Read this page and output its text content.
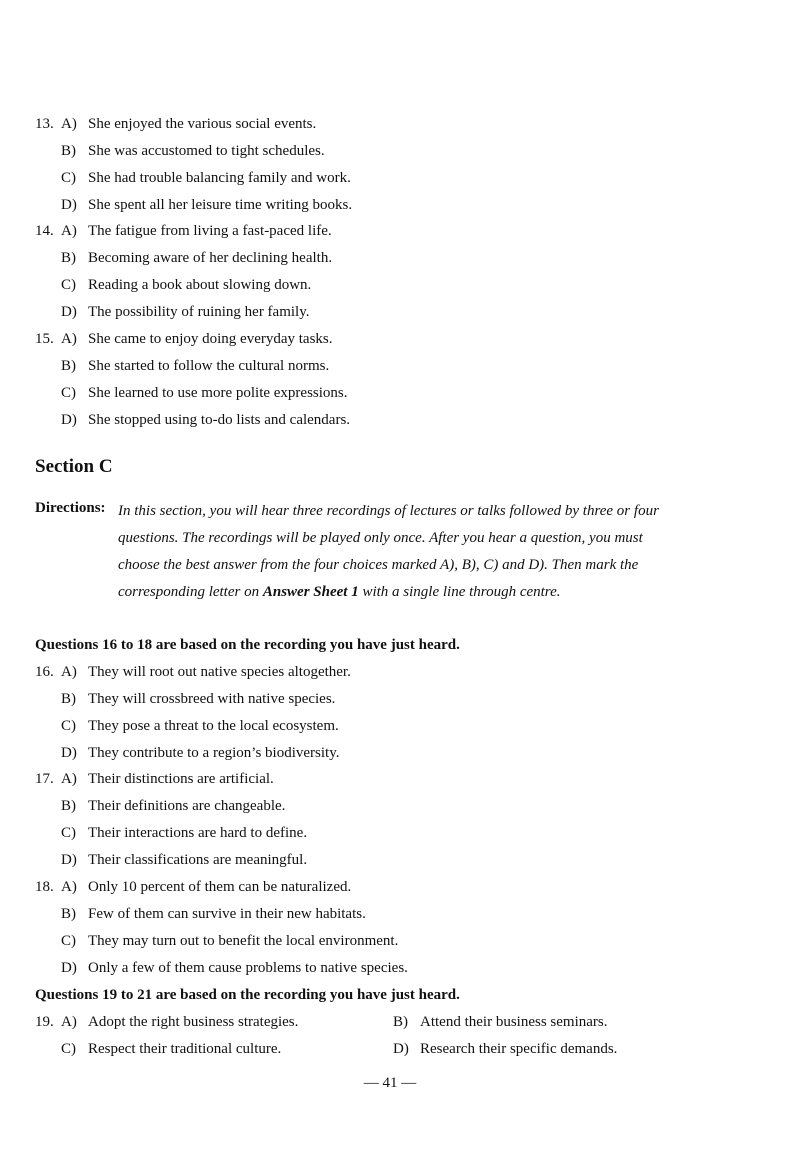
13. A) She enjoyed the various social events.
B) She was accustomed to tight schedules.
C) She had trouble balancing family and work.
D) She spent all her leisure time writing books.
14. A) The fatigue from living a fast-paced life.
B) Becoming aware of her declining health.
C) Reading a book about slowing down.
D) The possibility of ruining her family.
15. A) She came to enjoy doing everyday tasks.
B) She started to follow the cultural norms.
C) She learned to use more polite expressions.
D) She stopped using to-do lists and calendars.
Section C
Directions: In this section, you will hear three recordings of lectures or talks followed by three or four
questions. The recordings will be played only once. After you hear a question, you must
choose the best answer from the four choices marked A), B), C) and D). Then mark the
corresponding letter on Answer Sheet 1 with a single line through centre.
Questions 16 to 18 are based on the recording you have just heard.
16. A) They will root out native species altogether.
B) They will crossbreed with native species.
C) They pose a threat to the local ecosystem.
D) They contribute to a region’s biodiversity.
17. A) Their distinctions are artificial.
B) Their definitions are changeable.
C) Their interactions are hard to define.
D) Their classifications are meaningful.
18. A) Only 10 percent of them can be naturalized.
B) Few of them can survive in their new habitats.
C) They may turn out to benefit the local environment.
D) Only a few of them cause problems to native species.
Questions 19 to 21 are based on the recording you have just heard.
19. A) Adopt the right business strategies.	B) Attend their business seminars.
C) Respect their traditional culture.	D) Research their specific demands.
— 41 —
